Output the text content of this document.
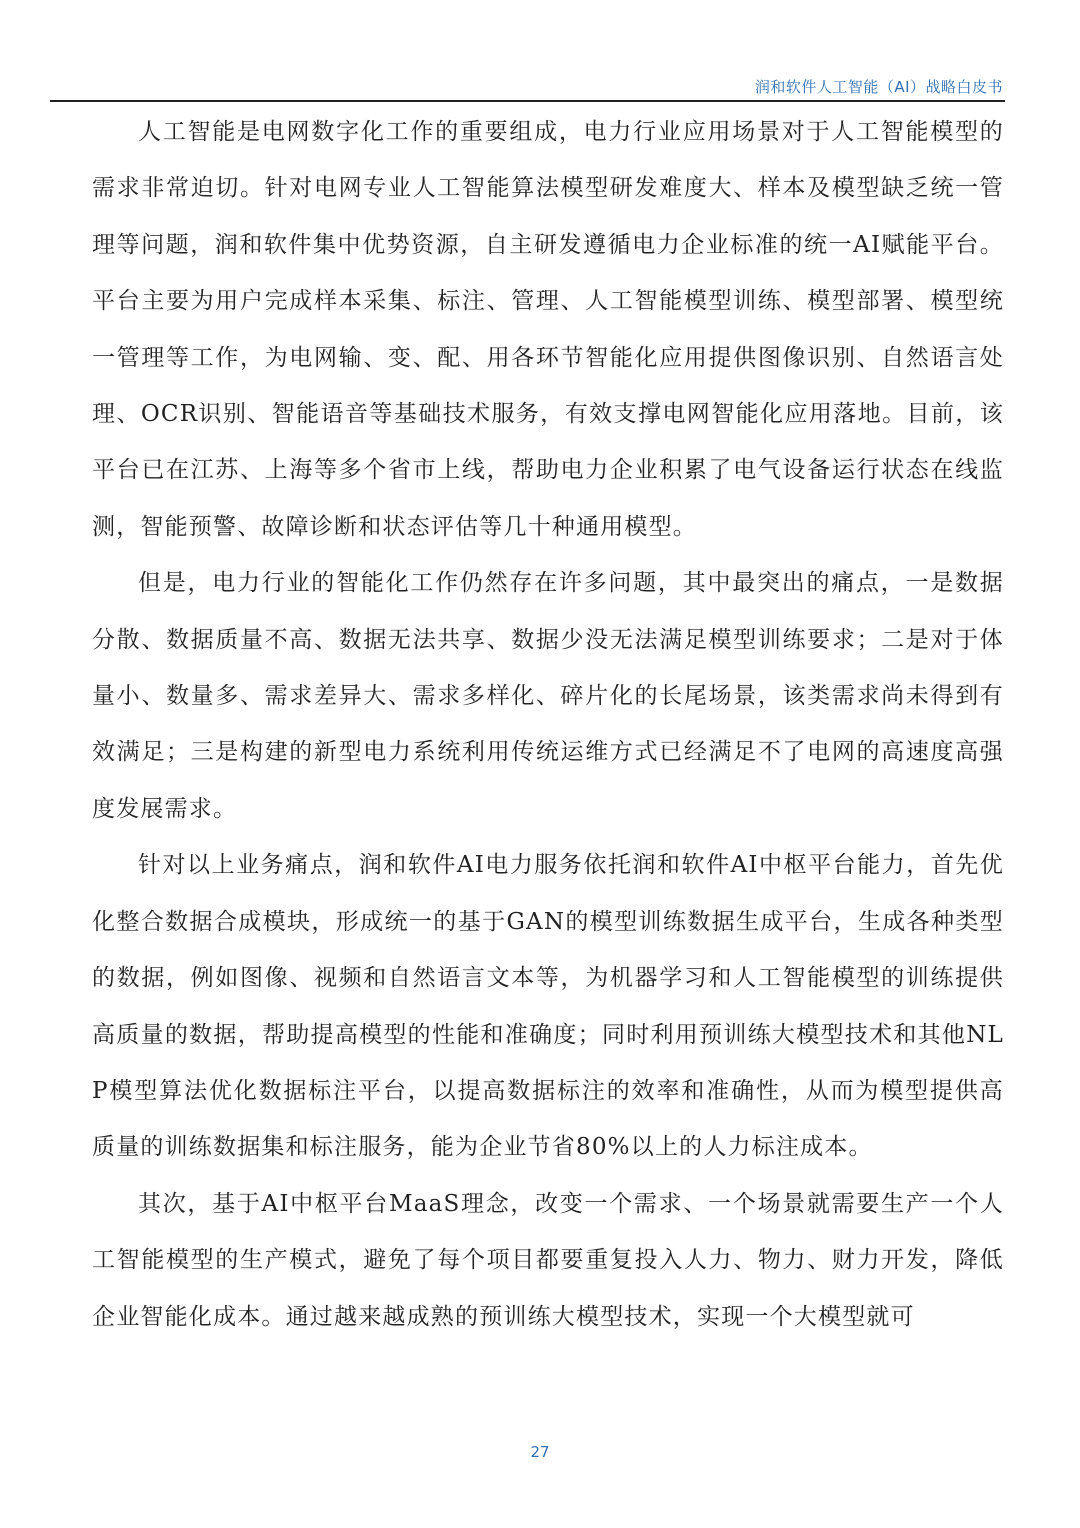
润和软件人工智能（AI）战略白皮书

人工智能是电网数字化工作的重要组成，电力行业应用场景对于人工智能模型的需求非常迫切。针对电网专业人工智能算法模型研发难度大、样本及模型缺乏统一管理等问题，润和软件集中优势资源，自主研发遵循电力企业标准的统一AI赋能平台。平台主要为用户完成样本采集、标注、管理、人工智能模型训练、模型部署、模型统一管理等工作，为电网输、变、配、用各环节智能化应用提供图像识别、自然语言处理、OCR识别、智能语音等基础技术服务，有效支撑电网智能化应用落地。目前，该平台已在江苏、上海等多个省市上线，帮助电力企业积累了电气设备运行状态在线监测，智能预警、故障诊断和状态评估等几十种通用模型。

但是，电力行业的智能化工作仍然存在许多问题，其中最突出的痛点，一是数据分散、数据质量不高、数据无法共享、数据少没无法满足模型训练要求；二是对于体量小、数量多、需求差异大、需求多样化、碎片化的长尾场景，该类需求尚未得到有效满足；三是构建的新型电力系统利用传统运维方式已经满足不了电网的高速度高强度发展需求。

针对以上业务痛点，润和软件AI电力服务依托润和软件AI中枢平台能力，首先优化整合数据合成模块，形成统一的基于GAN的模型训练数据生成平台，生成各种类型的数据，例如图像、视频和自然语言文本等，为机器学习和人工智能模型的训练提供高质量的数据，帮助提高模型的性能和准确度；同时利用预训练大模型技术和其他NLP模型算法优化数据标注平台，以提高数据标注的效率和准确性，从而为模型提供高质量的训练数据集和标注服务，能为企业节省80%以上的人力标注成本。

其次，基于AI中枢平台MaaS理念，改变一个需求、一个场景就需要生产一个人工智能模型的生产模式，避免了每个项目都要重复投入人力、物力、财力开发，降低企业智能化成本。通过越来越成熟的预训练大模型技术，实现一个大模型就可

27
